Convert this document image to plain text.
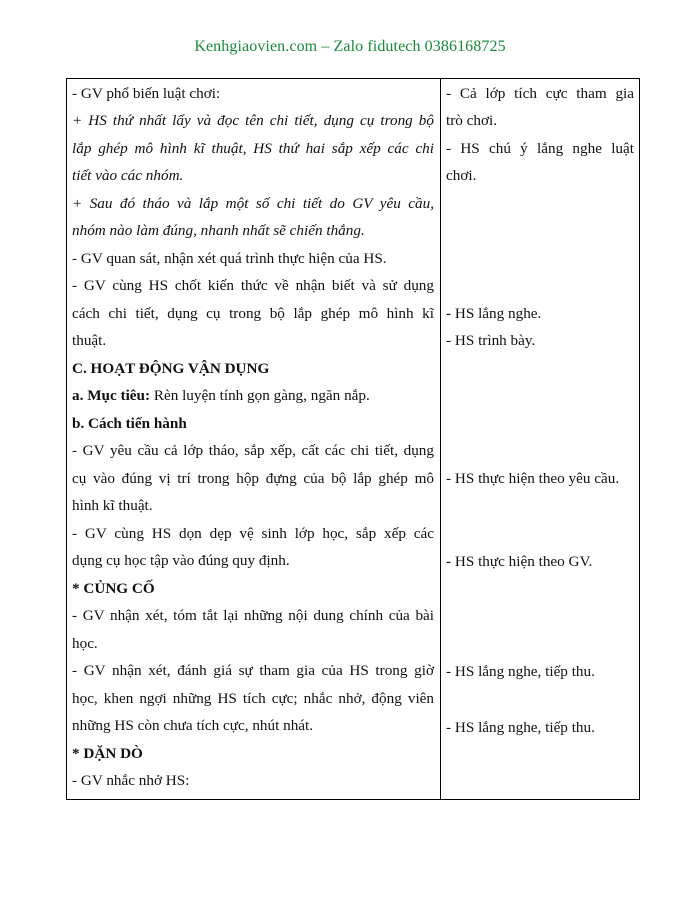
Kenhgiaovien.com – Zalo fidutech 0386168725
- GV phổ biến luật chơi:
+ HS thứ nhất lấy và đọc tên chi tiết, dụng cụ trong bộ
lắp ghép mô hình kĩ thuật, HS thứ hai sắp xếp các chi
tiết vào các nhóm.
+ Sau đó tháo và lắp một số chi tiết do GV yêu cầu,
nhóm nào làm đúng, nhanh nhất sẽ chiến thắng.
- GV quan sát, nhận xét quá trình thực hiện của HS.
- GV cùng HS chốt kiến thức về nhận biết và sử dụng
cách chi tiết, dụng cụ trong bộ lắp ghép mô hình kĩ
thuật.
C. HOẠT ĐỘNG VẬN DỤNG
a. Mục tiêu: Rèn luyện tính gọn gàng, ngăn nắp.
b. Cách tiến hành
- GV yêu cầu cả lớp tháo, sắp xếp, cất các chi tiết, dụng
cụ vào đúng vị trí trong hộp đựng của bộ lắp ghép mô
hình kĩ thuật.
- GV cùng HS dọn dẹp vệ sinh lớp học, sắp xếp các
dụng cụ học tập vào đúng quy định.
* CỦNG CỐ
- GV nhận xét, tóm tắt lại những nội dung chính của bài
học.
- GV nhận xét, đánh giá sự tham gia của HS trong giờ
học, khen ngợi những HS tích cực; nhắc nhở, động viên
những HS còn chưa tích cực, nhút nhát.
* DẶN DÒ
- GV nhắc nhở HS:
- Cả lớp tích cực tham gia
trò chơi.
- HS chú ý lắng nghe luật
chơi.
- HS lắng nghe.
- HS trình bày.
- HS thực hiện theo yêu cầu.
- HS thực hiện theo GV.
- HS lắng nghe, tiếp thu.
- HS lắng nghe, tiếp thu.
